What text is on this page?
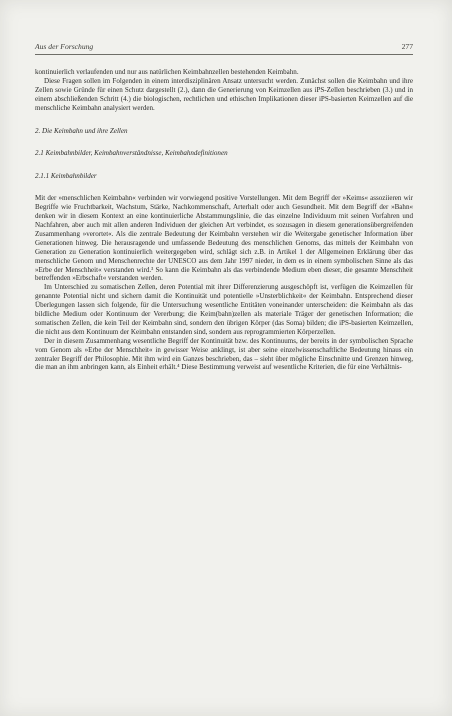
Aus der Forschung	277

kontinuierlich verlaufenden und nur aus natürlichen Keimbahnzellen bestehenden Keimbahn.

Diese Fragen sollen im Folgenden in einem interdisziplinären Ansatz untersucht werden. Zunächst sollen die Keimbahn und ihre Zellen sowie Gründe für einen Schutz dargestellt (2.), dann die Generierung von Keimzellen aus iPS-Zellen beschrieben (3.) und in einem abschließenden Schritt (4.) die biologischen, rechtlichen und ethischen Implikationen dieser iPS-basierten Keimzellen auf die menschliche Keimbahn analysiert werden.

2. Die Keimbahn und ihre Zellen

2.1 Keimbahnbilder, Keimbahnverständnisse, Keimbahndefinitionen

2.1.1 Keimbahnbilder

Mit der »menschlichen Keimbahn« verbinden wir vorwiegend positive Vorstellungen. Mit dem Begriff der »Keims« assoziieren wir Begriffe wie Fruchtbarkeit, Wachstum, Stärke, Nachkommenschaft, Arterhalt oder auch Gesundheit. Mit dem Begriff der »Bahn« denken wir in diesem Kontext an eine kontinuierliche Abstammungslinie, die das einzelne Individuum mit seinen Vorfahren und Nachfahren, aber auch mit allen anderen Individuen der gleichen Art verbindet, es sozusagen in diesem generationsübergreifenden Zusammenhang »verortet«. Als die zentrale Bedeutung der Keimbahn verstehen wir die Weitergabe genetischer Information über Generationen hinweg. Die herausragende und umfassende Bedeutung des menschlichen Genoms, das mittels der Keimbahn von Generation zu Generation kontinuierlich weitergegeben wird, schlägt sich z.B. in Artikel 1 der Allgemeinen Erklärung über das menschliche Genom und Menschenrechte der UNESCO aus dem Jahr 1997 nieder, in dem es in einem symbolischen Sinne als das »Erbe der Menschheit« verstanden wird.³ So kann die Keimbahn als das verbindende Medium eben dieser, die gesamte Menschheit betreffenden »Erbschaft« verstanden werden.

Im Unterschied zu somatischen Zellen, deren Potential mit ihrer Differenzierung ausgeschöpft ist, verfügen die Keimzellen für genannte Potential nicht und sichern damit die Kontinuität und potentielle »Unsterblichkeit« der Keimbahn. Entsprechend dieser Überlegungen lassen sich folgende, für die Untersuchung wesentliche Entitäten voneinander unterscheiden: die Keimbahn als das bildliche Medium oder Kontinuum der Vererbung; die Keim(bahn)zellen als materiale Träger der genetischen Information; die somatischen Zellen, die kein Teil der Keimbahn sind, sondern den übrigen Körper (das Soma) bilden; die iPS-basierten Keimzellen, die nicht aus dem Kontinuum der Keimbahn entstanden sind, sondern aus reprogrammierten Körperzellen.

Der in diesem Zusammenhang wesentliche Begriff der Kontinuität bzw. des Kontinuums, der bereits in der symbolischen Sprache vom Genom als »Erbe der Menschheit« in gewisser Weise anklingt, ist aber seine einzelwissenschaftliche Bedeutung hinaus ein zentraler Begriff der Philosophie. Mit ihm wird ein Ganzes beschrieben, das – sieht über mögliche Einschnitte und Grenzen hinweg, die man an ihm anbringen kann, als Einheit erhält.⁴ Diese Bestimmung verweist auf wesentliche Kriterien, die für eine Verhältnis-
